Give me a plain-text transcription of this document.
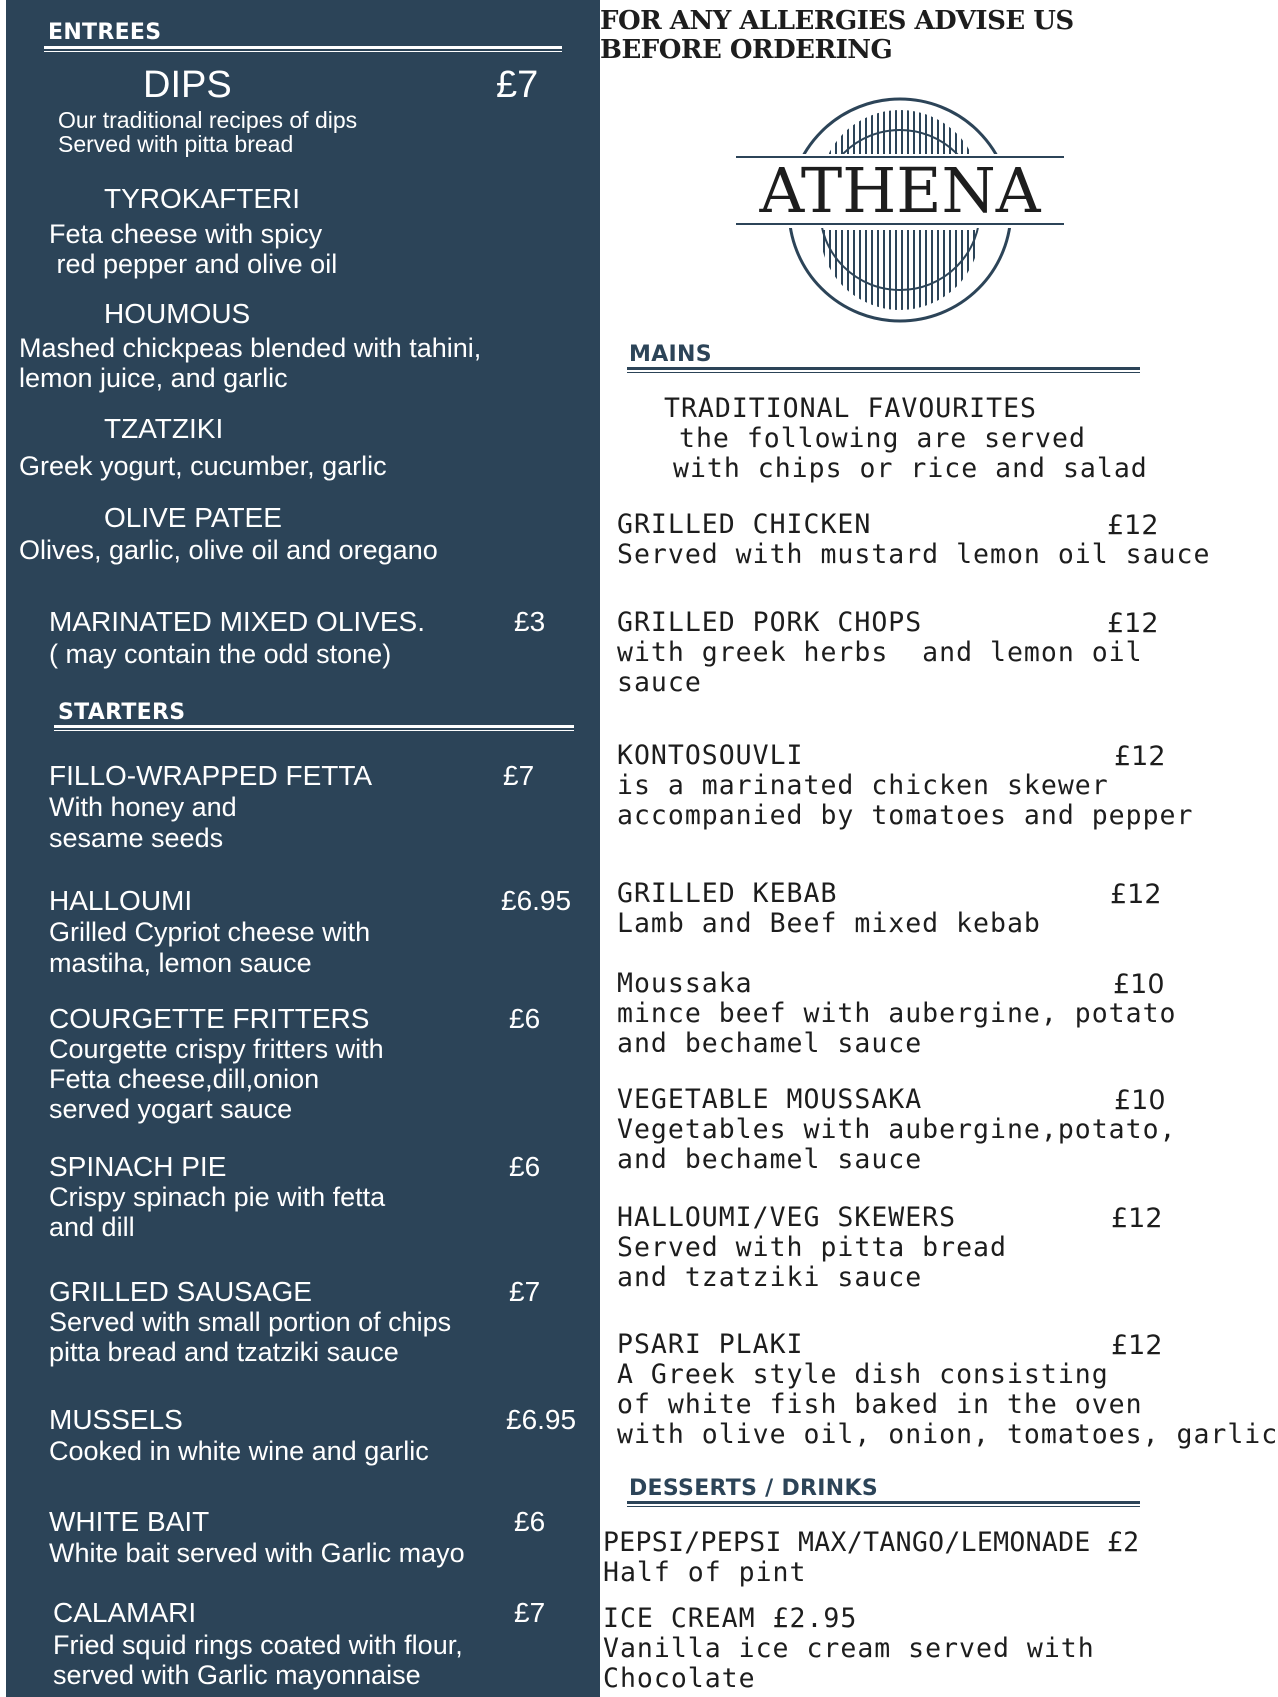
ENTREES
DIPS	£7
Our traditional recipes of dips
Served with pitta bread
TYROKAFTERI
Feta cheese with spicy
red pepper and olive oil
HOUMOUS
Mashed chickpeas blended with tahini,
lemon juice, and garlic
TZATZIKI
Greek yogurt, cucumber, garlic
OLIVE PATEE
Olives, garlic, olive oil and oregano
MARINATED MIXED OLIVES.	£3
( may contain the odd stone)
STARTERS
FILLO-WRAPPED FETTA	£7
With honey and
sesame seeds
HALLOUMI	£6.95
Grilled Cypriot cheese with
mastiha, lemon sauce
COURGETTE FRITTERS	£6
Courgette crispy fritters with
Fetta cheese,dill,onion
served yogart sauce
SPINACH PIE	£6
Crispy spinach pie with fetta
and dill
GRILLED SAUSAGE	£7
Served with small portion of chips
pitta bread and tzatziki sauce
MUSSELS	£6.95
Cooked in white wine and garlic
WHITE BAIT	£6
White bait served with Garlic mayo
CALAMARI	£7
Fried squid rings coated with flour,
served with Garlic mayonnaise
FOR ANY ALLERGIES ADVISE US
BEFORE ORDERING
ATHENA
MAINS
TRADITIONAL FAVOURITES
the following are served
with chips or rice and salad
GRILLED CHICKEN	£12
Served with mustard lemon oil sauce
GRILLED PORK CHOPS	£12
with greek herbs  and lemon oil
sauce
KONTOSOUVLI	£12
is a marinated chicken skewer
accompanied by tomatoes and pepper
GRILLED KEBAB	£12
Lamb and Beef mixed kebab
Moussaka	£10
mince beef with aubergine, potato
and bechamel sauce
VEGETABLE MOUSSAKA	£10
Vegetables with aubergine,potato,
and bechamel sauce
HALLOUMI/VEG SKEWERS	£12
Served with pitta bread
and tzatziki sauce
PSARI PLAKI	£12
A Greek style dish consisting
of white fish baked in the oven
with olive oil, onion, tomatoes, garlic
DESSERTS / DRINKS
PEPSI/PEPSI MAX/TANGO/LEMONADE £2
Half of pint
ICE CREAM £2.95
Vanilla ice cream served with
Chocolate
